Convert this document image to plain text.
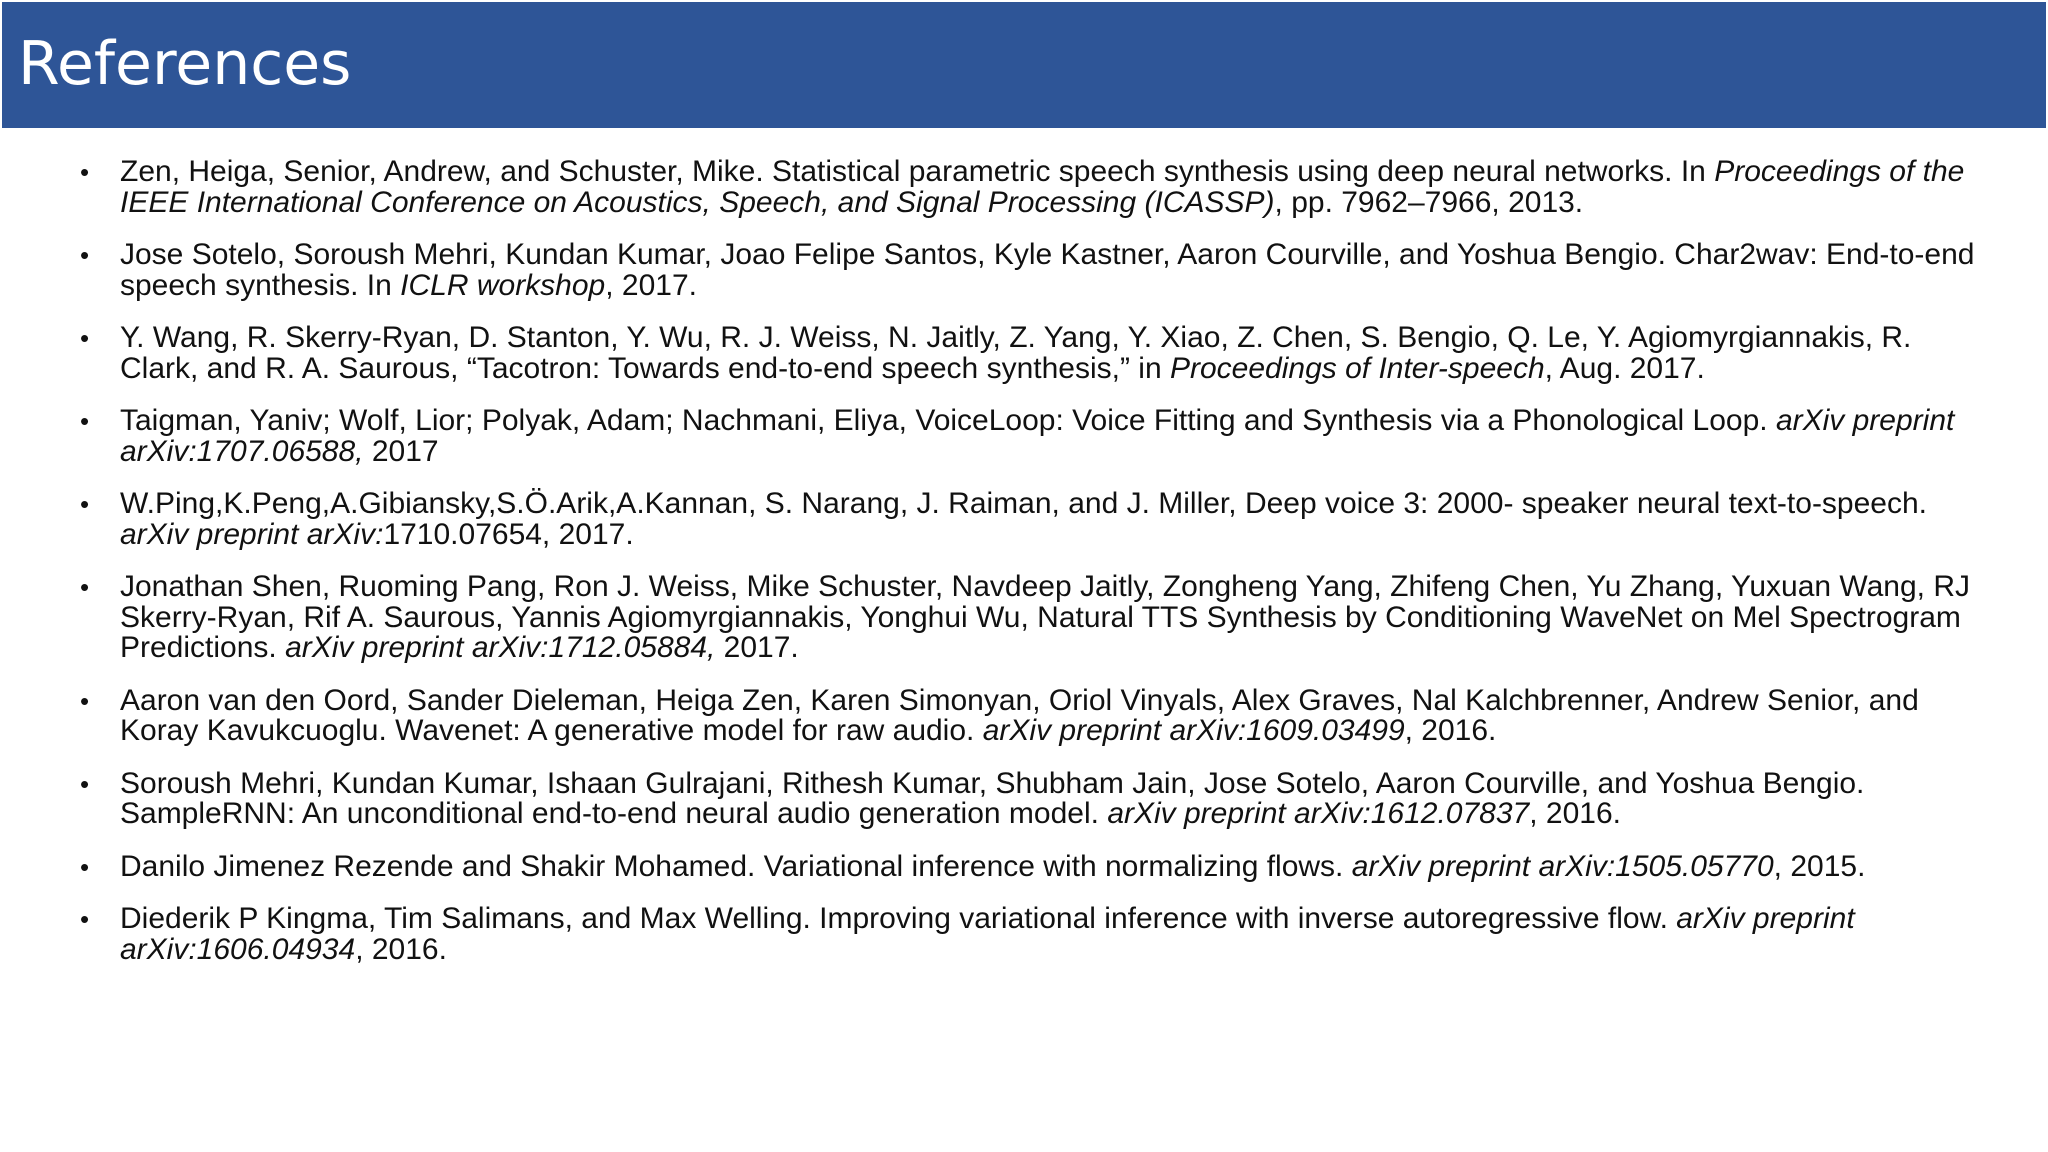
References
•	Zen, Heiga, Senior, Andrew, and Schuster, Mike. Statistical parametric speech synthesis using deep neural networks. In Proceedings of the IEEE International Conference on Acoustics, Speech, and Signal Processing (ICASSP), pp. 7962–7966, 2013.
•	Jose Sotelo, Soroush Mehri, Kundan Kumar, Joao Felipe Santos, Kyle Kastner, Aaron Courville, and Yoshua Bengio. Char2wav: End-to-end speech synthesis. In ICLR workshop, 2017.
•	Y. Wang, R. Skerry-Ryan, D. Stanton, Y. Wu, R. J. Weiss, N. Jaitly, Z. Yang, Y. Xiao, Z. Chen, S. Bengio, Q. Le, Y. Agiomyrgiannakis, R. Clark, and R. A. Saurous, “Tacotron: Towards end-to-end speech synthesis,” in Proceedings of Inter-speech, Aug. 2017.
•	Taigman, Yaniv; Wolf, Lior; Polyak, Adam; Nachmani, Eliya, VoiceLoop: Voice Fitting and Synthesis via a Phonological Loop. arXiv preprint arXiv:1707.06588, 2017
•	W.Ping,K.Peng,A.Gibiansky,S.Ö.Arik,A.Kannan, S. Narang, J. Raiman, and J. Miller, Deep voice 3: 2000- speaker neural text-to-speech. arXiv preprint arXiv:1710.07654, 2017.
•	Jonathan Shen, Ruoming Pang, Ron J. Weiss, Mike Schuster, Navdeep Jaitly, Zongheng Yang, Zhifeng Chen, Yu Zhang, Yuxuan Wang, RJ Skerry-Ryan, Rif A. Saurous, Yannis Agiomyrgiannakis, Yonghui Wu, Natural TTS Synthesis by Conditioning WaveNet on Mel Spectrogram Predictions. arXiv preprint arXiv:1712.05884, 2017.
•	Aaron van den Oord, Sander Dieleman, Heiga Zen, Karen Simonyan, Oriol Vinyals, Alex Graves, Nal Kalchbrenner, Andrew Senior, and Koray Kavukcuoglu. Wavenet: A generative model for raw audio. arXiv preprint arXiv:1609.03499, 2016.
•	Soroush Mehri, Kundan Kumar, Ishaan Gulrajani, Rithesh Kumar, Shubham Jain, Jose Sotelo, Aaron Courville, and Yoshua Bengio. SampleRNN: An unconditional end-to-end neural audio generation model. arXiv preprint arXiv:1612.07837, 2016.
•	Danilo Jimenez Rezende and Shakir Mohamed. Variational inference with normalizing flows. arXiv preprint arXiv:1505.05770, 2015.
•	Diederik P Kingma, Tim Salimans, and Max Welling. Improving variational inference with inverse autoregressive flow. arXiv preprint arXiv:1606.04934, 2016.
